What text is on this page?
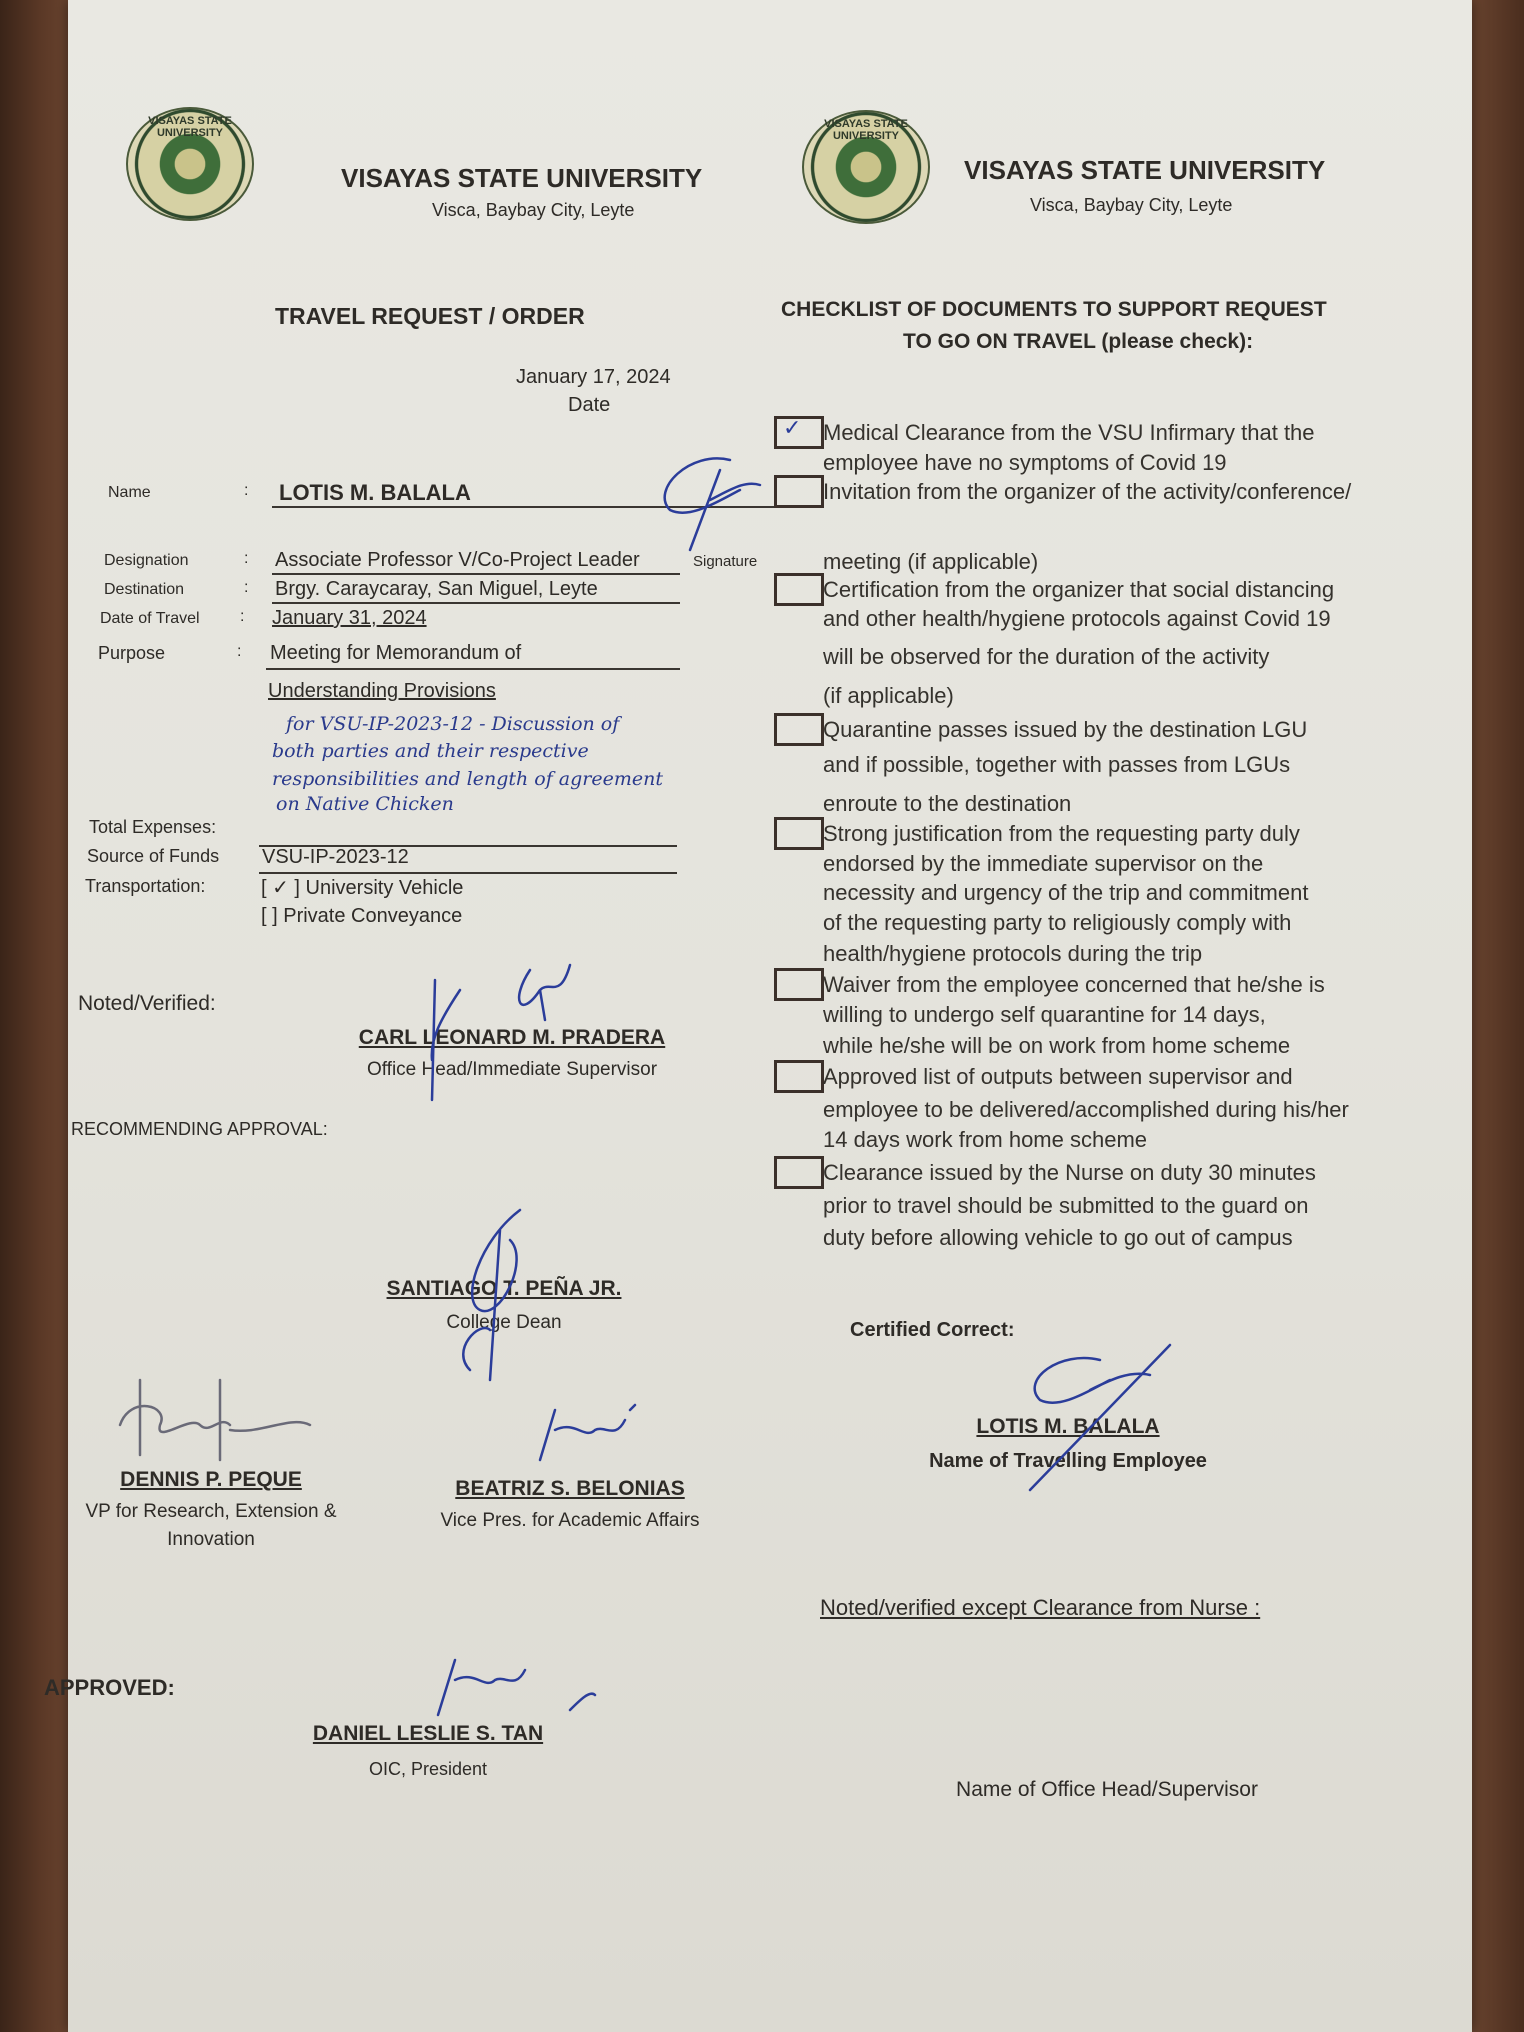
VISAYAS STATE UNIVERSITY
VISAYAS STATE UNIVERSITY
Visca, Baybay City, Leyte
VISAYAS STATE UNIVERSITY
VISAYAS STATE UNIVERSITY
Visca, Baybay City, Leyte
TRAVEL REQUEST / ORDER
January 17, 2024
Date
Name	: LOTIS M. BALALA
Designation	: Associate Professor V/Co-Project Leader	Signature
Destination	: Brgy. Caraycaray, San Miguel, Leyte
Date of Travel	: January 31, 2024
Purpose	: Meeting for Memorandum of
Understanding Provisions
for VSU-IP-2023-12 - Discussion of
both parties and their respective
responsibilities and length of agreement
on Native Chicken
Total Expenses:
Source of Funds VSU-IP-2023-12
Transportation:	[ ✓ ] University Vehicle
[ ] Private Conveyance
Noted/Verified:
CARL LEONARD M. PRADERA
Office Head/Immediate Supervisor
RECOMMENDING APPROVAL:
SANTIAGO T. PEÑA JR.
College Dean
DENNIS P. PEQUE
VP for Research, Extension &
Innovation
BEATRIZ S. BELONIAS
Vice Pres. for Academic Affairs
APPROVED:
DANIEL LESLIE S. TAN
OIC, President
CHECKLIST OF DOCUMENTS TO SUPPORT REQUEST
TO GO ON TRAVEL (please check):
✓ Medical Clearance from the VSU Infirmary that the
employee have no symptoms of Covid 19
Invitation from the organizer of the activity/conference/
meeting (if applicable)
Certification from the organizer that social distancing
and other health/hygiene protocols against Covid 19
will be observed for the duration of the activity
(if applicable)
Quarantine passes issued by the destination LGU
and if possible, together with passes from LGUs
enroute to the destination
Strong justification from the requesting party duly
endorsed by the immediate supervisor on the
necessity and urgency of the trip and commitment
of the requesting party to religiously comply with
health/hygiene protocols during the trip
Waiver from the employee concerned that he/she is
willing to undergo self quarantine for 14 days,
while he/she will be on work from home scheme
Approved list of outputs between supervisor and
employee to be delivered/accomplished during his/her
14 days work from home scheme
Clearance issued by the Nurse on duty 30 minutes
prior to travel should be submitted to the guard on
duty before allowing vehicle to go out of campus
Certified Correct:
LOTIS M. BALALA
Name of Travelling Employee
Noted/verified except Clearance from Nurse :
Name of Office Head/Supervisor
